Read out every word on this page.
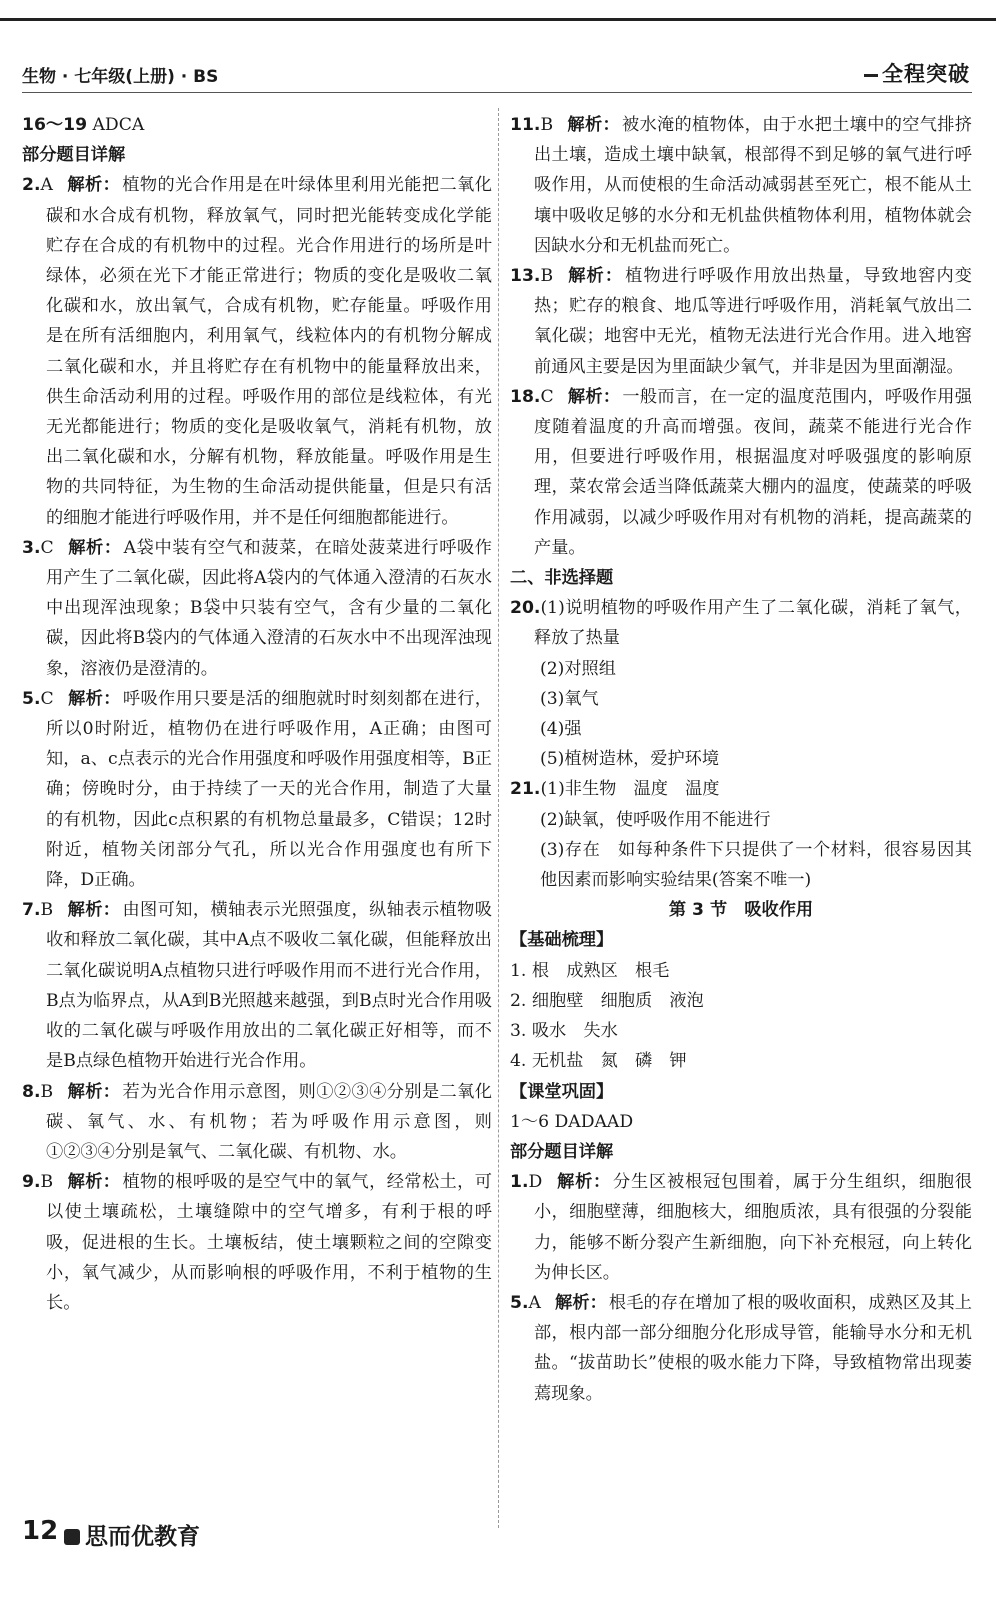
生物 · 七年级(上册) · BS	全程突破

16～19 ADCA

部分题目详解

2.A 解析： 植物的光合作用是在叶绿体里利用光能把二氧化碳和水合成有机物，释放氧气，同时把光能转变成化学能贮存在合成的有机物中的过程。光合作用进行的场所是叶绿体，必须在光下才能正常进行；物质的变化是吸收二氧化碳和水，放出氧气，合成有机物，贮存能量。呼吸作用是在所有活细胞内，利用氧气，线粒体内的有机物分解成二氧化碳和水，并且将贮存在有机物中的能量释放出来，供生命活动利用的过程。呼吸作用的部位是线粒体，有光无光都能进行；物质的变化是吸收氧气，消耗有机物，放出二氧化碳和水，分解有机物，释放能量。呼吸作用是生物的共同特征，为生物的生命活动提供能量，但是只有活的细胞才能进行呼吸作用，并不是任何细胞都能进行。

3.C 解析： A袋中装有空气和菠菜，在暗处菠菜进行呼吸作用产生了二氧化碳，因此将A袋内的气体通入澄清的石灰水中出现浑浊现象；B袋中只装有空气，含有少量的二氧化碳，因此将B袋内的气体通入澄清的石灰水中不出现浑浊现象，溶液仍是澄清的。

5.C 解析： 呼吸作用只要是活的细胞就时时刻刻都在进行，所以0时附近，植物仍在进行呼吸作用，A正确；由图可知，a、c点表示的光合作用强度和呼吸作用强度相等，B正确；傍晚时分，由于持续了一天的光合作用，制造了大量的有机物，因此c点积累的有机物总量最多，C错误；12时附近，植物关闭部分气孔，所以光合作用强度也有所下降，D正确。

7.B 解析： 由图可知，横轴表示光照强度，纵轴表示植物吸收和释放二氧化碳，其中A点不吸收二氧化碳，但能释放出二氧化碳说明A点植物只进行呼吸作用而不进行光合作用，B点为临界点，从A到B光照越来越强，到B点时光合作用吸收的二氧化碳与呼吸作用放出的二氧化碳正好相等，而不是B点绿色植物开始进行光合作用。

8.B 解析： 若为光合作用示意图，则①②③④分别是二氧化碳、氧气、水、有机物；若为呼吸作用示意图，则①②③④分别是氧气、二氧化碳、有机物、水。

9.B 解析： 植物的根呼吸的是空气中的氧气，经常松土，可以使土壤疏松，土壤缝隙中的空气增多，有利于根的呼吸，促进根的生长。土壤板结，使土壤颗粒之间的空隙变小，氧气减少，从而影响根的呼吸作用，不利于植物的生长。

11.B 解析： 被水淹的植物体，由于水把土壤中的空气排挤出土壤，造成土壤中缺氧，根部得不到足够的氧气进行呼吸作用，从而使根的生命活动减弱甚至死亡，根不能从土壤中吸收足够的水分和无机盐供植物体利用，植物体就会因缺水分和无机盐而死亡。

13.B 解析： 植物进行呼吸作用放出热量，导致地窖内变热；贮存的粮食、地瓜等进行呼吸作用，消耗氧气放出二氧化碳；地窖中无光，植物无法进行光合作用。进入地窖前通风主要是因为里面缺少氧气，并非是因为里面潮湿。

18.C 解析： 一般而言，在一定的温度范围内，呼吸作用强度随着温度的升高而增强。夜间，蔬菜不能进行光合作用，但要进行呼吸作用，根据温度对呼吸强度的影响原理，菜农常会适当降低蔬菜大棚内的温度，使蔬菜的呼吸作用减弱，以减少呼吸作用对有机物的消耗，提高蔬菜的产量。

二、非选择题

20.(1)说明植物的呼吸作用产生了二氧化碳，消耗了氧气，释放了热量

(2)对照组

(3)氧气

(4)强

(5)植树造林，爱护环境

21.(1)非生物　温度　温度

(2)缺氧，使呼吸作用不能进行

(3)存在　如每种条件下只提供了一个材料，很容易因其他因素而影响实验结果(答案不唯一)

第 3 节　吸收作用

【基础梳理】

1. 根　成熟区　根毛

2. 细胞壁　细胞质　液泡

3. 吸水　失水

4. 无机盐　氮　磷　钾

【课堂巩固】

1～6 DADAAD

部分题目详解

1.D 解析： 分生区被根冠包围着，属于分生组织，细胞很小，细胞壁薄，细胞核大，细胞质浓，具有很强的分裂能力，能够不断分裂产生新细胞，向下补充根冠，向上转化为伸长区。

5.A 解析： 根毛的存在增加了根的吸收面积，成熟区及其上部，根内部一部分细胞分化形成导管，能输导水分和无机盐。“拔苗助长”使根的吸水能力下降，导致植物常出现萎蔫现象。

12	思而优教育
